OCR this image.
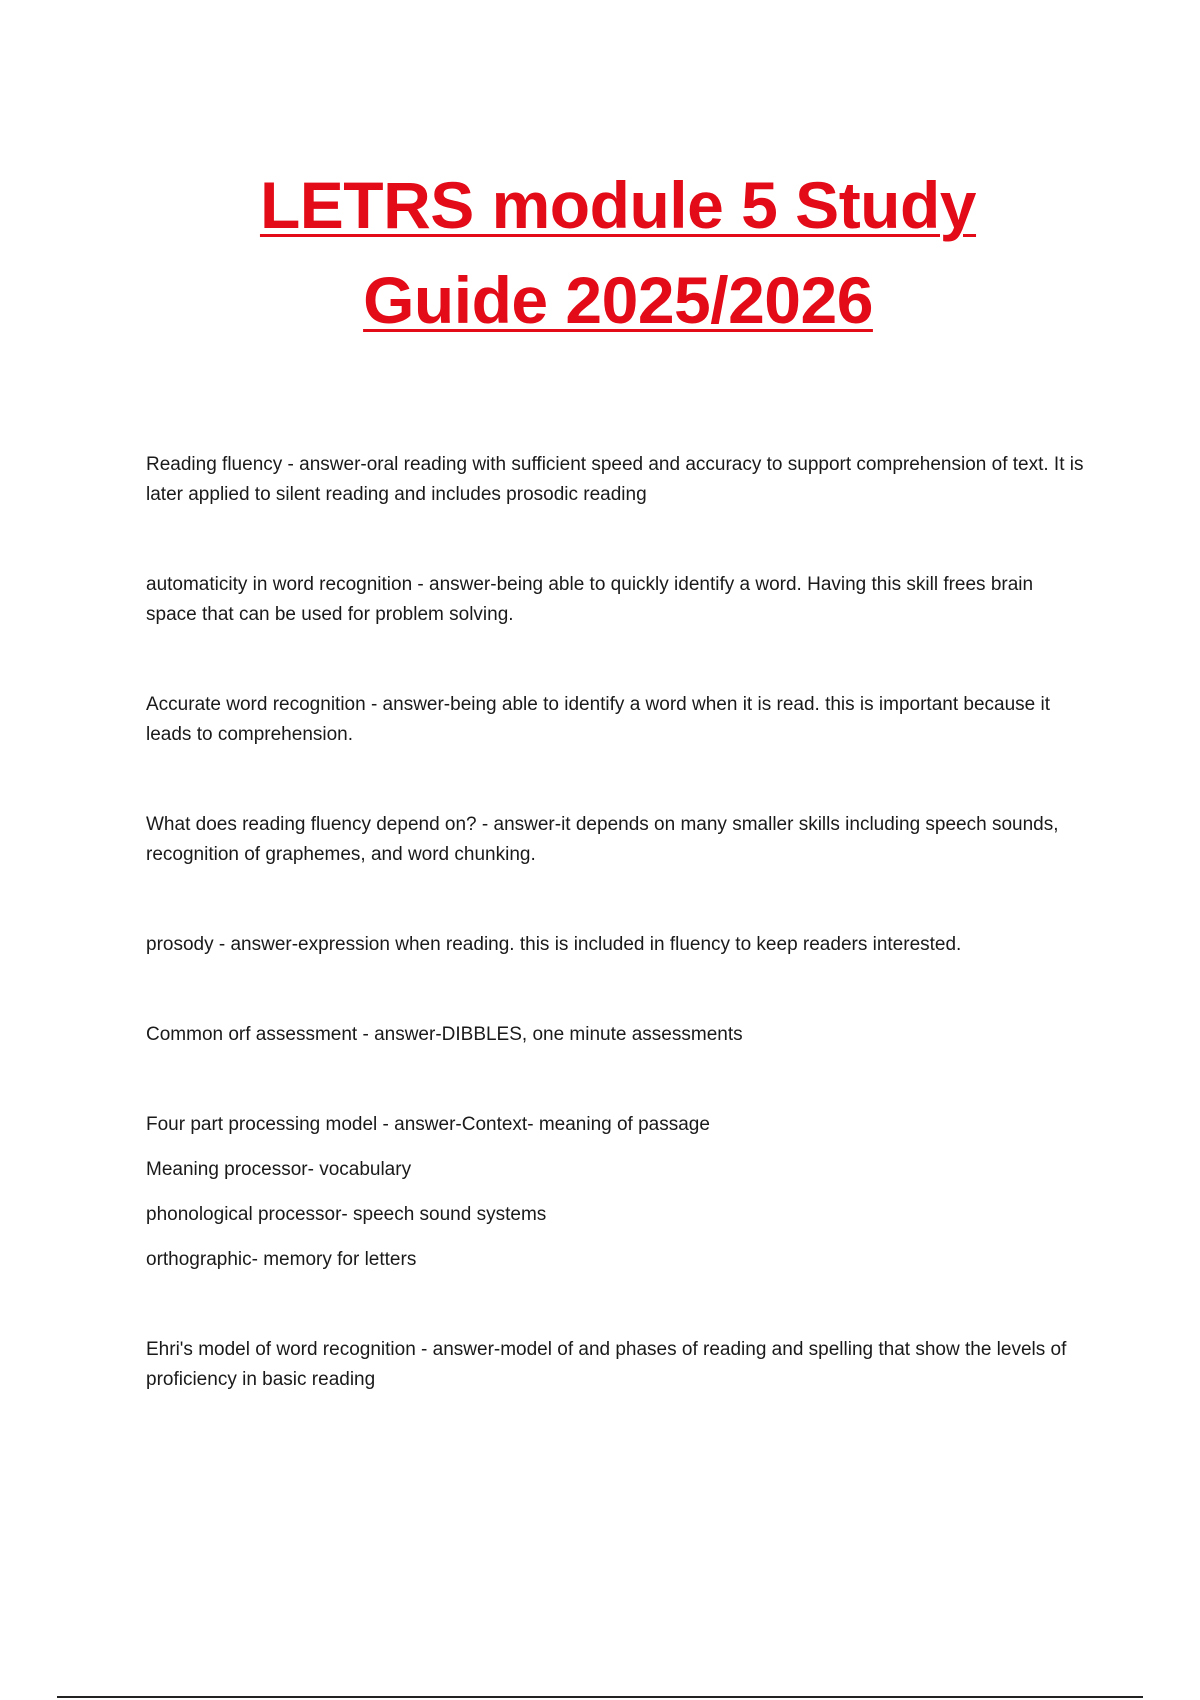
LETRS module 5 Study
Guide 2025/2026

Reading fluency - answer-oral reading with sufficient speed and accuracy to support comprehension of text. It is later applied to silent reading and includes prosodic reading

automaticity in word recognition - answer-being able to quickly identify a word. Having this skill frees brain space that can be used for problem solving.

Accurate word recognition - answer-being able to identify a word when it is read. this is important because it leads to comprehension.

What does reading fluency depend on? - answer-it depends on many smaller skills including speech sounds, recognition of graphemes, and word chunking.

prosody - answer-expression when reading. this is included in fluency to keep readers interested.

Common orf assessment - answer-DIBBLES, one minute assessments

Four part processing model - answer-Context- meaning of passage

Meaning processor- vocabulary

phonological processor- speech sound systems

orthographic- memory for letters

Ehri's model of word recognition - answer-model of and phases of reading and spelling that show the levels of proficiency in basic reading
